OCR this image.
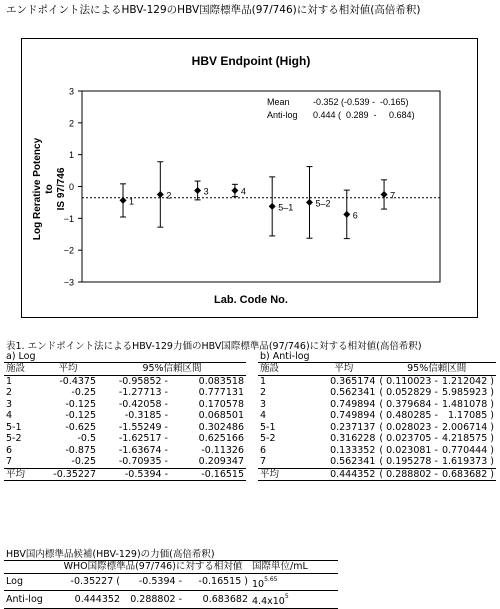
エンドポイント法によるHBV-129のHBV国際標準品(97/746)に対する相対値(高倍希釈)
HBV Endpoint (High)
Log Rerative Potency to IS 97/746
Lab. Code No.
Mean	-0.352 (-0.539 -  -0.165)
Anti-log 0.444 (  0.289  -     0.684)
3
2
1
0
−1
−2
−3
1
2	3	4
5–1 5–2
6
7
表1. エンドポイント法によるHBV-129力価のHBV国際標準品(97/746)に対する相対値(高倍希釈)
a) Log	b) Anti-log
施設	平均	95%信頼区間	
1	-0.4375	-0.95852 -	0.083518
2	-0.25	-1.27713 -	0.777131
3	-0.125	-0.42058 -	0.170578
4	-0.125	-0.3185 -	0.068501
5-1	-0.625	-1.55249 -	0.302486
5-2	-0.5	-1.62517 -	0.625166
6	-0.875	-1.63674 -	-0.11326
7	-0.25	-0.70935 -	0.209347
平均	-0.35227	-0.5394 -	-0.16515
施設	平均	95%信頼区間	
1	0.365174	( 0.110023 -	1.212042 )
2	0.562341	( 0.052829 -	5.985923 )
3	0.749894	( 0.379684 -	1.481078 )
4	0.749894	( 0.480285 -	1.17085 )
5-1	0.237137	( 0.028023 -	2.006714 )
5-2	0.316228	( 0.023705 -	4.218575 )
6	0.133352	( 0.023081 -	0.770444 )
7	0.562341	( 0.195278 -	1.619373 )
平均	0.444352	( 0.288802 -	0.683682 )
HBV国内標準品候補(HBV-129)の力価(高倍希釈)
	WHO国際標準品(97/746)に対する相対値			国際単位/mL
Log	-0.35227 (	-0.5394 -	-0.16515 )	$10^{5.65}$
Anti-log	0.444352	0.288802 -	0.683682	$4.4x10^5$
